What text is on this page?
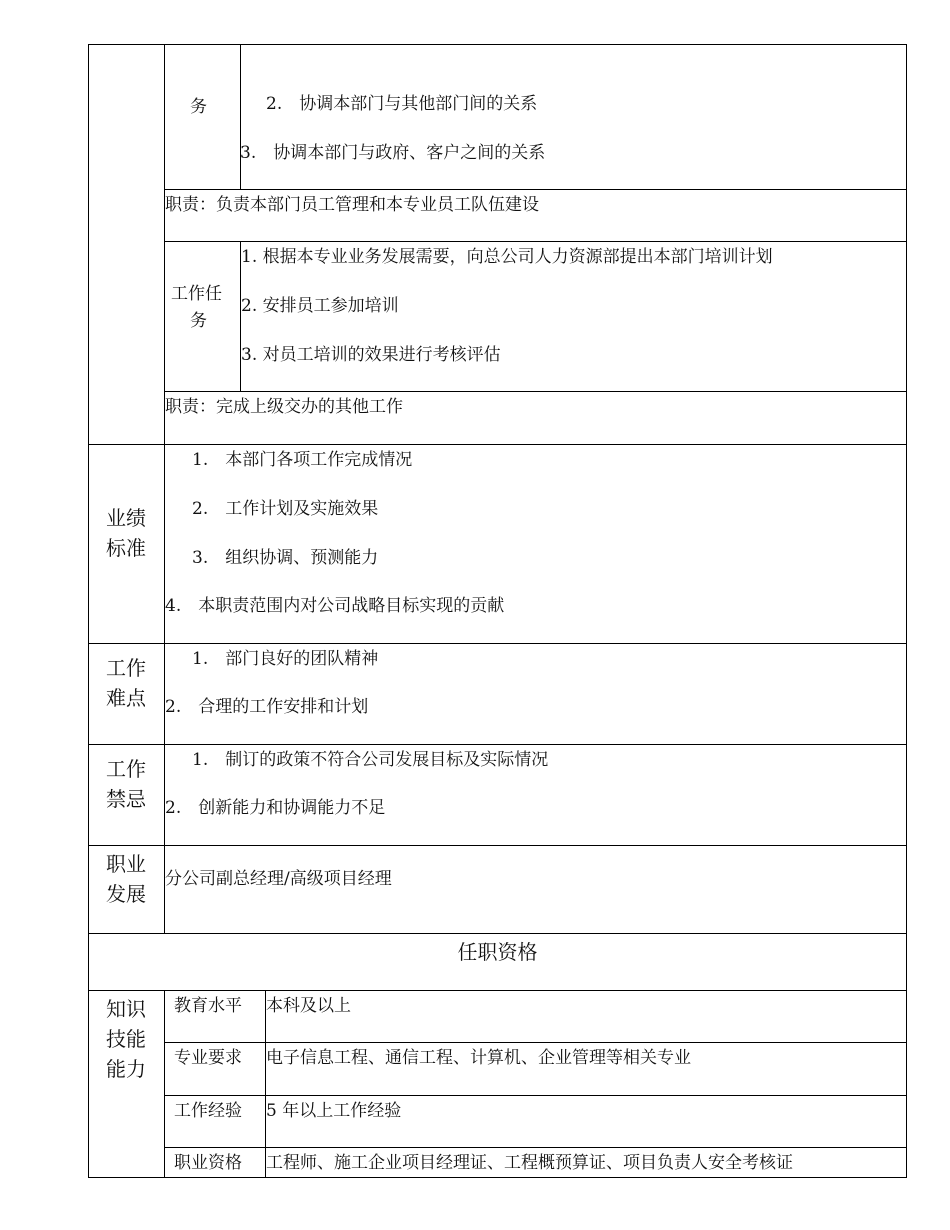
务	2.　协调本部门与其他部门间的关系
3.　协调本部门与政府、客户之间的关系
职责：负责本部门员工管理和本专业员工队伍建设
工作任
务
1. 根据本专业业务发展需要，向总公司人力资源部提出本部门培训计划
2. 安排员工参加培训
3. 对员工培训的效果进行考核评估
职责：完成上级交办的其他工作
业绩
标准
1.　本部门各项工作完成情况
2.　工作计划及实施效果
3.　组织协调、预测能力
4.　本职责范围内对公司战略目标实现的贡献
工作
难点
1.　部门良好的团队精神
2.　合理的工作安排和计划
工作
禁忌
1.　制订的政策不符合公司发展目标及实际情况
2.　创新能力和协调能力不足
职业
发展
分公司副总经理/高级项目经理
任职资格
知识
技能
能力
教育水平 本科及以上
专业要求 电子信息工程、通信工程、计算机、企业管理等相关专业
工作经验 5 年以上工作经验
职业资格 工程师、施工企业项目经理证、工程概预算证、项目负责人安全考核证
